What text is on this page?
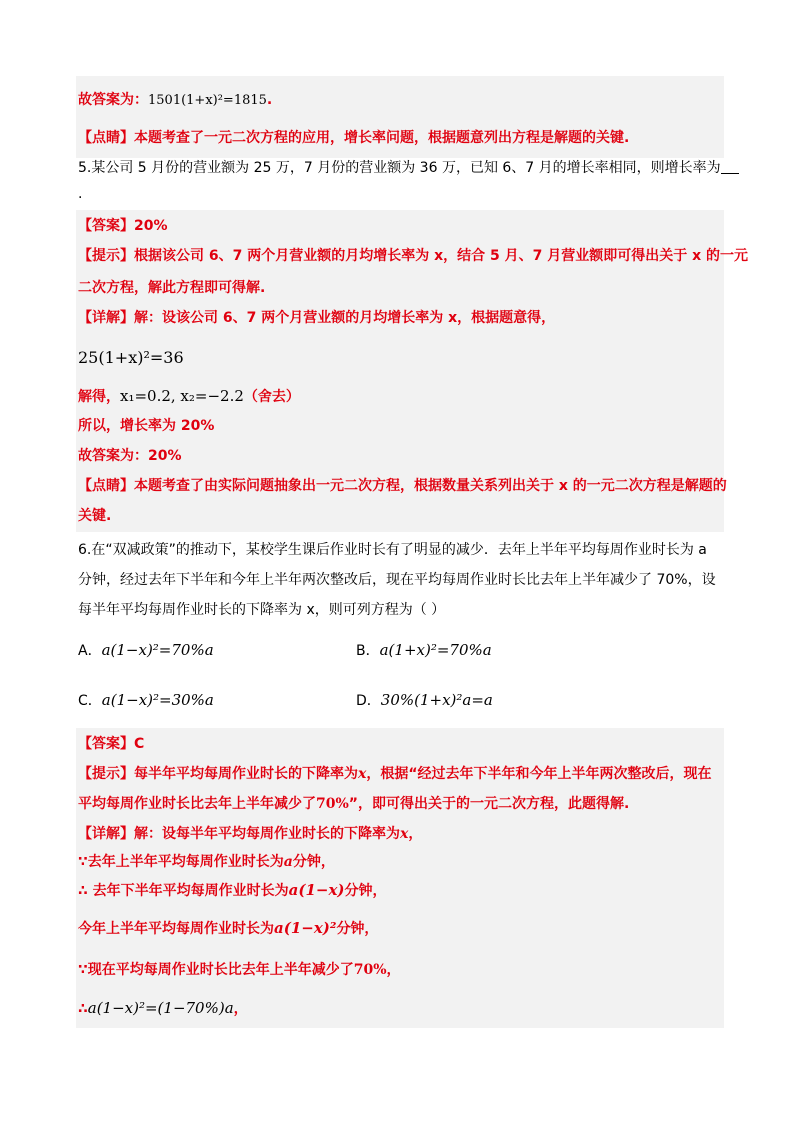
故答案为：1501(1+x)²=1815.
【点睛】本题考查了一元二次方程的应用，增长率问题，根据题意列出方程是解题的关键.
5.某公司 5 月份的营业额为 25 万，7 月份的营业额为 36 万，已知 6、7 月的增长率相同，则增长率为
.
【答案】20%
【提示】根据该公司 6、7 两个月营业额的月均增长率为 x，结合 5 月、7 月营业额即可得出关于 x 的一元
二次方程，解此方程即可得解.
【详解】解：设该公司 6、7 两个月营业额的月均增长率为 x，根据题意得，
25(1+x)²=36
解得，x₁=0.2, x₂=−2.2（舍去）
所以，增长率为 20%
故答案为：20%
【点睛】本题考查了由实际问题抽象出一元二次方程，根据数量关系列出关于 x 的一元二次方程是解题的
关键.
6.在“双减政策”的推动下，某校学生课后作业时长有了明显的减少．去年上半年平均每周作业时长为 a
分钟，经过去年下半年和今年上半年两次整改后，现在平均每周作业时长比去年上半年减少了 70%，设
每半年平均每周作业时长的下降率为 x，则可列方程为（ ）
A．a(1−x)²=70%a	B．a(1+x)²=70%a
C．a(1−x)²=30%a	D．30%(1+x)²a=a
【答案】C
【提示】每半年平均每周作业时长的下降率为x，根据“经过去年下半年和今年上半年两次整改后，现在
平均每周作业时长比去年上半年减少了70%”，即可得出关于的一元二次方程，此题得解.
【详解】解：设每半年平均每周作业时长的下降率为x，
∵去年上半年平均每周作业时长为a分钟，
∴ 去年下半年平均每周作业时长为a(1−x)分钟，
今年上半年平均每周作业时长为a(1−x)²分钟，
∵现在平均每周作业时长比去年上半年减少了70%，
∴a(1−x)²=(1−70%)a，
